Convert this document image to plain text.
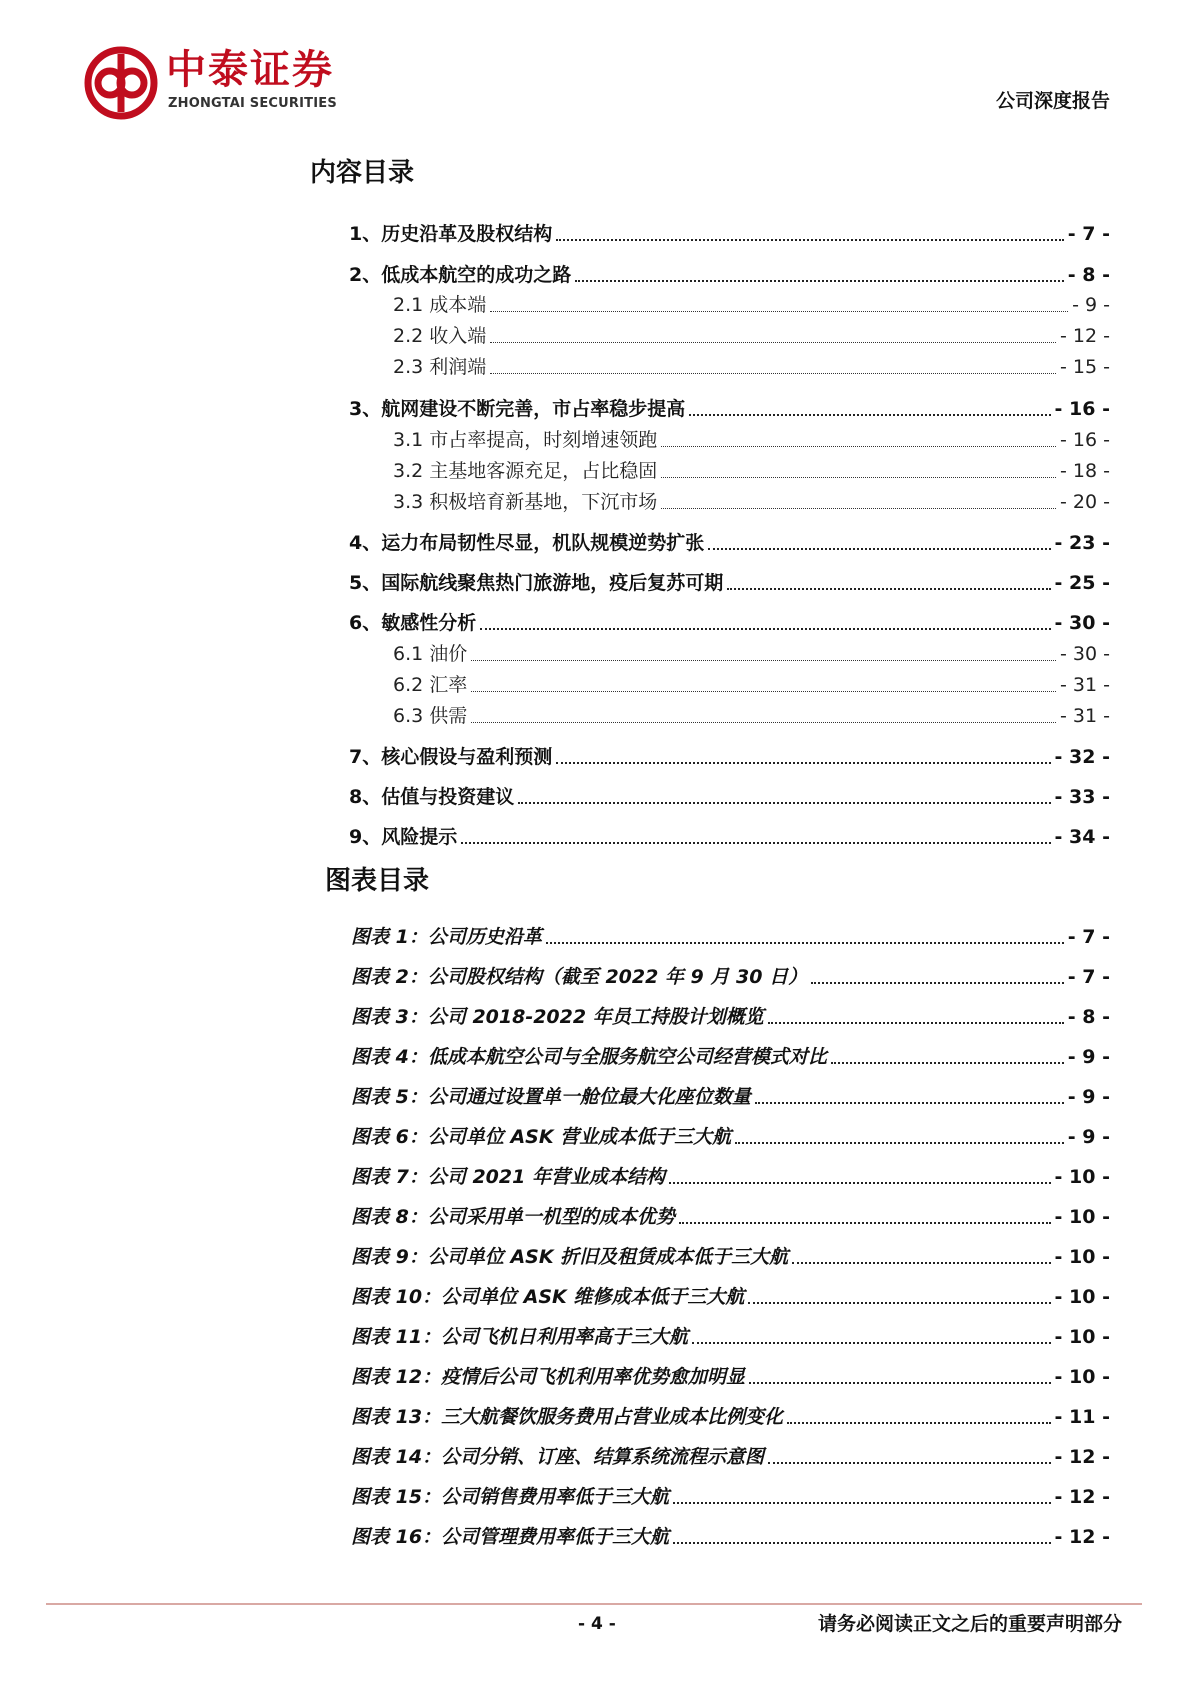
中泰证券
ZHONGTAI SECURITIES	公司深度报告
内容目录
1、历史沿革及股权结构	- 7 -
2、低成本航空的成功之路	- 8 -
2.1 成本端	- 9 -
2.2 收入端	- 12 -
2.3 利润端	- 15 -
3、航网建设不断完善，市占率稳步提高	- 16 -
3.1 市占率提高，时刻增速领跑	- 16 -
3.2 主基地客源充足，占比稳固	- 18 -
3.3 积极培育新基地，下沉市场	- 20 -
4、运力布局韧性尽显，机队规模逆势扩张	- 23 -
5、国际航线聚焦热门旅游地，疫后复苏可期	- 25 -
6、敏感性分析	- 30 -
6.1 油价	- 30 -
6.2 汇率	- 31 -
6.3 供需	- 31 -
7、核心假设与盈利预测	- 32 -
8、估值与投资建议	- 33 -
9、风险提示	- 34 -
图表目录
图表 1：公司历史沿革	- 7 -
图表 2：公司股权结构（截至 2022 年 9 月 30 日）	- 7 -
图表 3：公司 2018-2022 年员工持股计划概览	- 8 -
图表 4：低成本航空公司与全服务航空公司经营模式对比	- 9 -
图表 5：公司通过设置单一舱位最大化座位数量	- 9 -
图表 6：公司单位 ASK 营业成本低于三大航	- 9 -
图表 7：公司 2021 年营业成本结构	- 10 -
图表 8：公司采用单一机型的成本优势	- 10 -
图表 9：公司单位 ASK 折旧及租赁成本低于三大航	- 10 -
图表 10：公司单位 ASK 维修成本低于三大航	- 10 -
图表 11：公司飞机日利用率高于三大航	- 10 -
图表 12：疫情后公司飞机利用率优势愈加明显	- 10 -
图表 13：三大航餐饮服务费用占营业成本比例变化	- 11 -
图表 14：公司分销、订座、结算系统流程示意图	- 12 -
图表 15：公司销售费用率低于三大航	- 12 -
图表 16：公司管理费用率低于三大航	- 12 -
- 4 -	请务必阅读正文之后的重要声明部分
